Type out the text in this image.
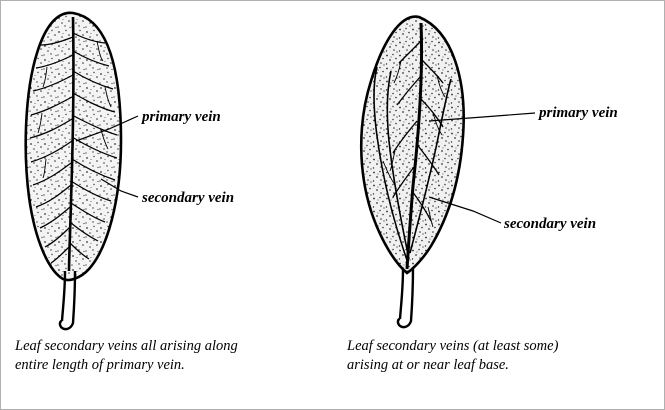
primary vein
secondary vein
Leaf secondary veins all arising along
entire length of primary vein.
primary vein
secondary vein
Leaf secondary veins (at least some)
arising at or near leaf base.
